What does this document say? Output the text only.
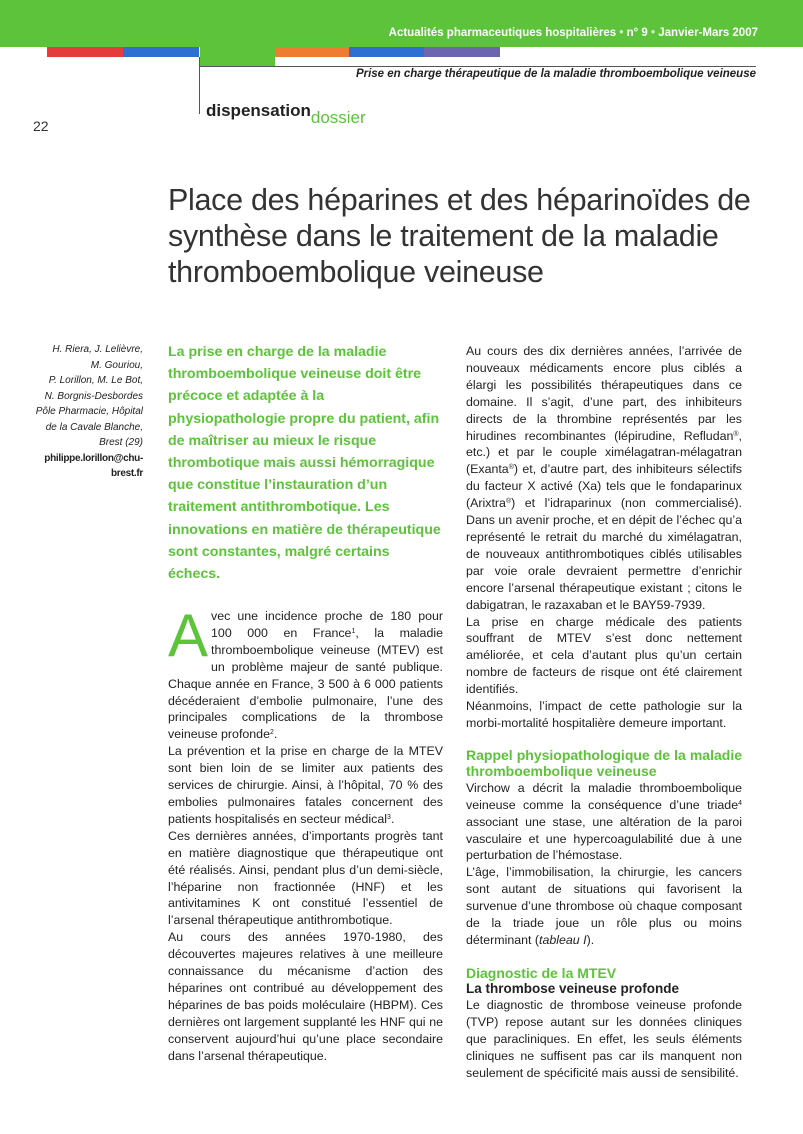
Actualités pharmaceutiques hospitalières • n° 9 • Janvier-Mars 2007
Prise en charge thérapeutique de la maladie thromboembolique veineuse
22
dispensationdossier
Place des héparines et des héparinoïdes de synthèse dans le traitement de la maladie thromboembolique veineuse
H. Riera, J. Lelièvre,
M. Gouriou,
P. Lorillon, M. Le Bot,
N. Borgnis-Desbordes
Pôle Pharmacie, Hôpital
de la Cavale Blanche,
Brest (29)
philippe.lorillon@chu-brest.fr

La prise en charge de la maladie thromboembolique veineuse doit être précoce et adaptée à la physiopathologie propre du patient, afin de maîtriser au mieux le risque thrombotique mais aussi hémorragique que constitue l’instauration d’un traitement antithrombotique. Les innovations en matière de thérapeutique sont constantes, malgré certains échecs.

Avec une incidence proche de 180 pour 100 000 en France$^1$, la maladie thromboembolique veineuse (MTEV) est un problème majeur de santé publique. Chaque année en France, 3 500 à 6 000 patients décéderaient d’embolie pulmonaire, l’une des principales complications de la thrombose veineuse profonde$^2$.

La prévention et la prise en charge de la MTEV sont bien loin de se limiter aux patients des services de chirurgie. Ainsi, à l’hôpital, 70 % des embolies pulmonaires fatales concernent des patients hospitalisés en secteur médical$^3$.

Ces dernières années, d’importants progrès tant en matière diagnostique que thérapeutique ont été réalisés. Ainsi, pendant plus d’un demi-siècle, l’héparine non fractionnée (HNF) et les antivitamines K ont constitué l’essentiel de l’arsenal thérapeutique antithrombotique.

Au cours des années 1970-1980, des découvertes majeures relatives à une meilleure connaissance du mécanisme d’action des héparines ont contribué au développement des héparines de bas poids moléculaire (HBPM). Ces dernières ont largement supplanté les HNF qui ne conservent aujourd’hui qu’une place secondaire dans l’arsenal thérapeutique.

Au cours des dix dernières années, l’arrivée de nouveaux médicaments encore plus ciblés a élargi les possibilités thérapeutiques dans ce domaine. Il s’agit, d’une part, des inhibiteurs directs de la thrombine représentés par les hirudines recombinantes (lépirudine, Refludan®, etc.) et par le couple ximélagatran-mélagatran (Exanta®) et, d’autre part, des inhibiteurs sélectifs du facteur X activé (Xa) tels que le fondaparinux (Arixtra®) et l’idraparinux (non commercialisé). Dans un avenir proche, et en dépit de l’échec qu’a représenté le retrait du marché du ximélagatran, de nouveaux antithrombotiques ciblés utilisables par voie orale devraient permettre d’enrichir encore l’arsenal thérapeutique existant ; citons le dabigatran, le razaxaban et le BAY59-7939.

La prise en charge médicale des patients souffrant de MTEV s’est donc nettement améliorée, et cela d’autant plus qu’un certain nombre de facteurs de risque ont été clairement identifiés.

Néanmoins, l’impact de cette pathologie sur la morbi-mortalité hospitalière demeure important.

Rappel physiopathologique de la maladie thromboembolique veineuse

Virchow a décrit la maladie thromboembolique veineuse comme la conséquence d’une triade$^4$ associant une stase, une altération de la paroi vasculaire et une hypercoagulabilité due à une perturbation de l’hémostase.

L’âge, l’immobilisation, la chirurgie, les cancers sont autant de situations qui favorisent la survenue d’une thrombose où chaque composant de la triade joue un rôle plus ou moins déterminant (tableau I).

Diagnostic de la MTEV
La thrombose veineuse profonde

Le diagnostic de thrombose veineuse profonde (TVP) repose autant sur les données cliniques que paracliniques. En effet, les seuls éléments cliniques ne suffisent pas car ils manquent non seulement de spécificité mais aussi de sensibilité.
